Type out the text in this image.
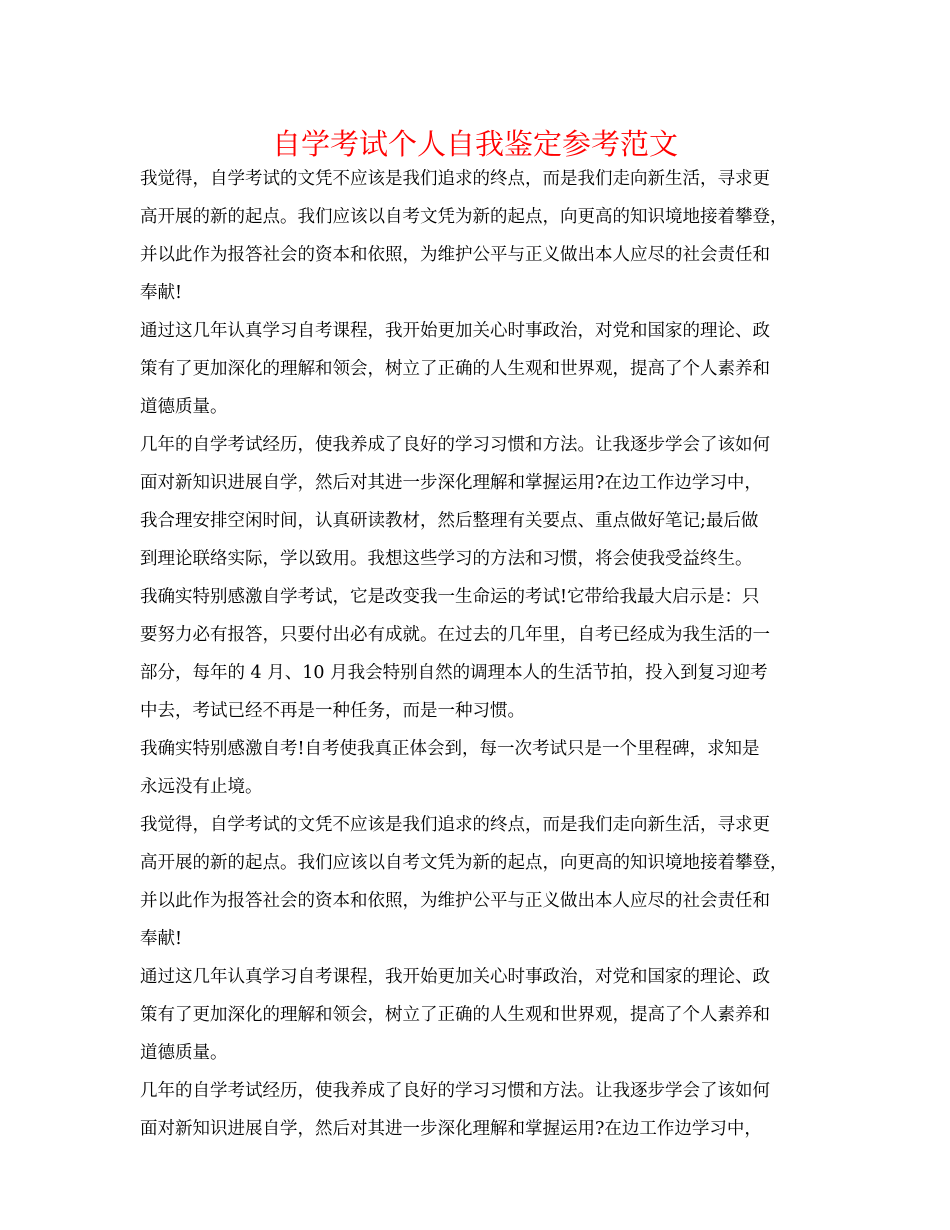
自学考试个人自我鉴定参考范文
我觉得，自学考试的文凭不应该是我们追求的终点，而是我们走向新生活，寻求更
高开展的新的起点。我们应该以自考文凭为新的起点，向更高的知识境地接着攀登，
并以此作为报答社会的资本和依照，为维护公平与正义做出本人应尽的社会责任和
奉献!
通过这几年认真学习自考课程，我开始更加关心时事政治，对党和国家的理论、政
策有了更加深化的理解和领会，树立了正确的人生观和世界观，提高了个人素养和
道德质量。
几年的自学考试经历，使我养成了良好的学习习惯和方法。让我逐步学会了该如何
面对新知识进展自学，然后对其进一步深化理解和掌握运用?在边工作边学习中，
我合理安排空闲时间，认真研读教材，然后整理有关要点、重点做好笔记;最后做
到理论联络实际，学以致用。我想这些学习的方法和习惯，将会使我受益终生。
我确实特别感激自学考试，它是改变我一生命运的考试!它带给我最大启示是：只
要努力必有报答，只要付出必有成就。在过去的几年里，自考已经成为我生活的一
部分，每年的 4 月、10 月我会特别自然的调理本人的生活节拍，投入到复习迎考
中去，考试已经不再是一种任务，而是一种习惯。
我确实特别感激自考!自考使我真正体会到，每一次考试只是一个里程碑，求知是
永远没有止境。
我觉得，自学考试的文凭不应该是我们追求的终点，而是我们走向新生活，寻求更
高开展的新的起点。我们应该以自考文凭为新的起点，向更高的知识境地接着攀登，
并以此作为报答社会的资本和依照，为维护公平与正义做出本人应尽的社会责任和
奉献!
通过这几年认真学习自考课程，我开始更加关心时事政治，对党和国家的理论、政
策有了更加深化的理解和领会，树立了正确的人生观和世界观，提高了个人素养和
道德质量。
几年的自学考试经历，使我养成了良好的学习习惯和方法。让我逐步学会了该如何
面对新知识进展自学，然后对其进一步深化理解和掌握运用?在边工作边学习中，
